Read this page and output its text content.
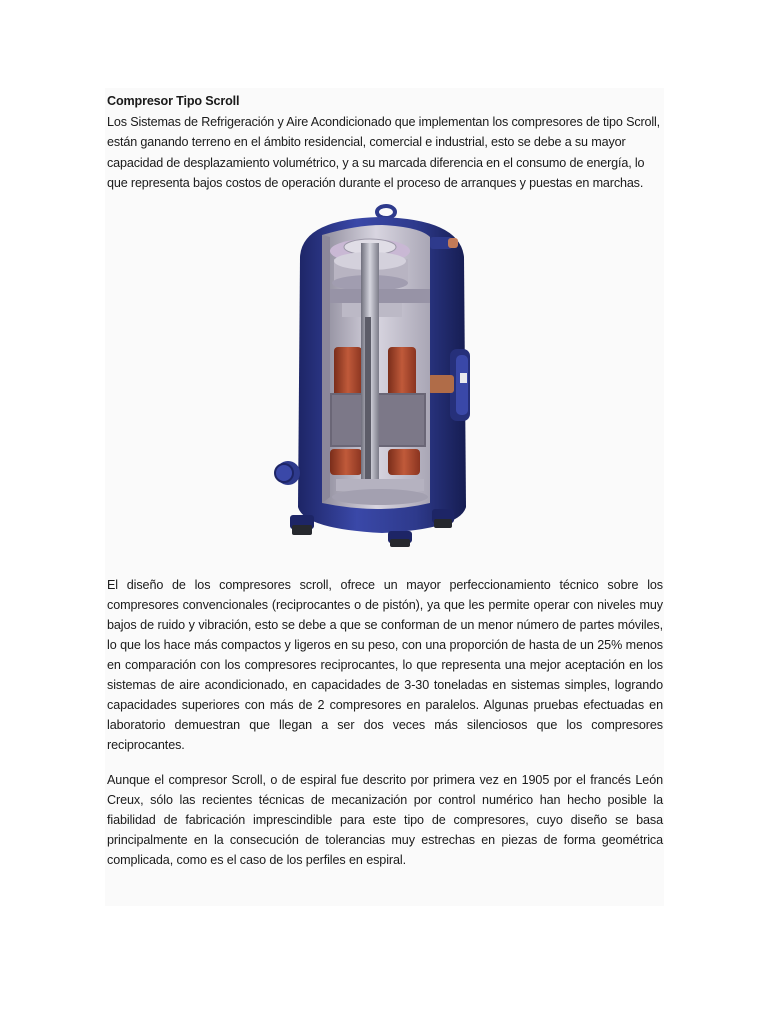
Compresor Tipo Scroll
Los Sistemas de Refrigeración y Aire Acondicionado que implementan los compresores de tipo Scroll, están ganando terreno en el ámbito residencial, comercial e industrial, esto se debe a su mayor capacidad de desplazamiento volumétrico, y a su marcada diferencia en el consumo de energía, lo que representa bajos costos de operación durante el proceso de arranques y puestas en marchas.
El diseño de los compresores scroll, ofrece un mayor perfeccionamiento técnico sobre los compresores convencionales (reciprocantes o de pistón), ya que les permite operar con niveles muy bajos de ruido y vibración, esto se debe a que se conforman de un menor número de partes móviles, lo que los hace más compactos y ligeros en su peso, con una proporción de hasta de un 25% menos en comparación con los compresores reciprocantes, lo que representa una mejor aceptación en los sistemas de aire acondicionado, en capacidades de 3-30 toneladas en sistemas simples, logrando capacidades superiores con más de 2 compresores en paralelos. Algunas pruebas efectuadas en laboratorio demuestran que llegan a ser dos veces más silenciosos que los compresores reciprocantes.
Aunque el compresor Scroll, o de espiral fue descrito por primera vez en 1905 por el francés León Creux, sólo las recientes técnicas de mecanización por control numérico han hecho posible la fiabilidad de fabricación imprescindible para este tipo de compresores, cuyo diseño se basa principalmente en la consecución de tolerancias muy estrechas en piezas de forma geométrica complicada, como es el caso de los perfiles en espiral.
